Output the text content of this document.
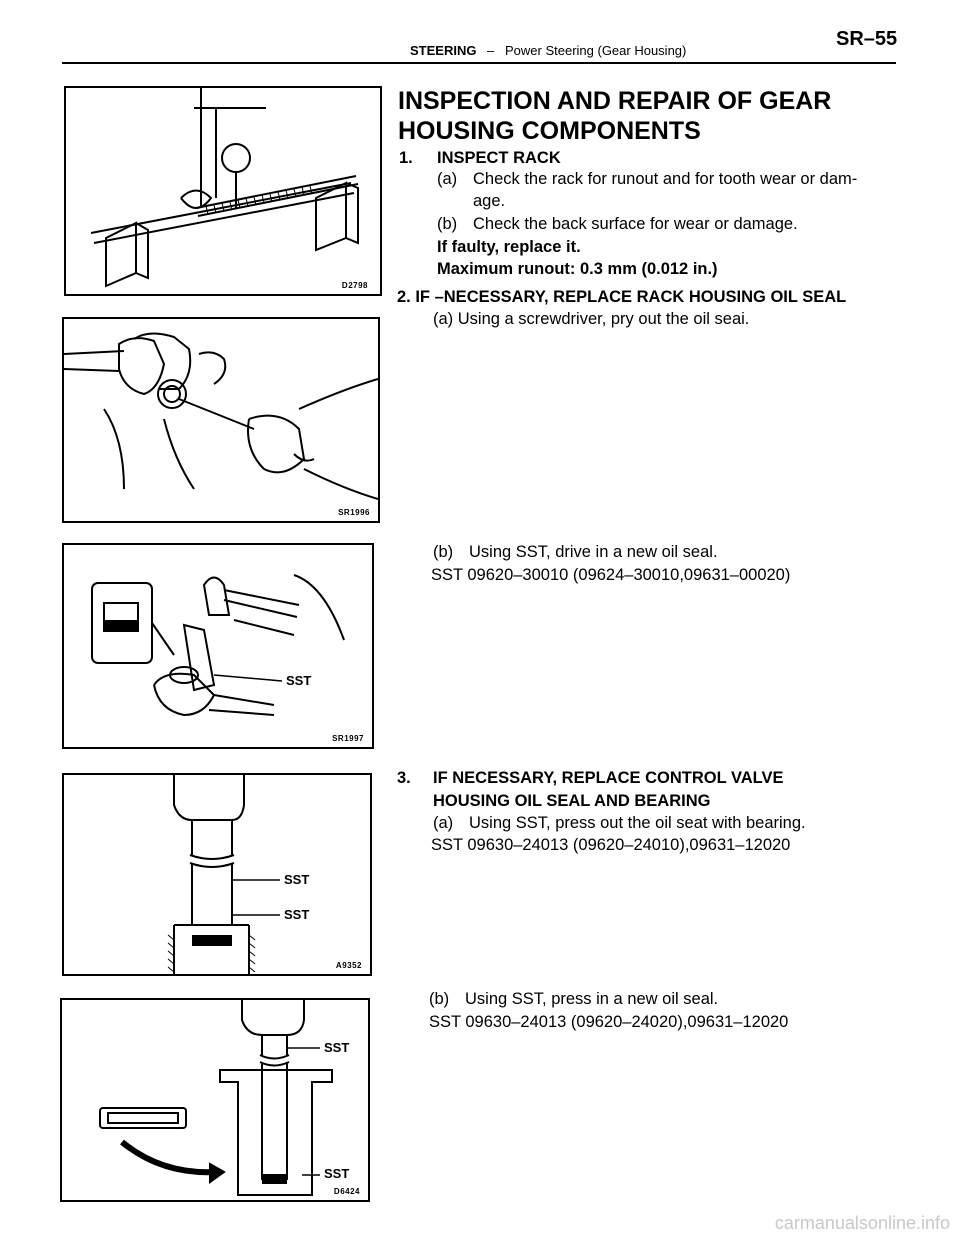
STEERING – Power Steering (Gear Housing)
SR–55
D2798
INSPECTION AND REPAIR OF GEAR
HOUSING COMPONENTS
1. INSPECT RACK
(a) Check the rack for runout and for tooth wear or dam-
age.
(b) Check the back surface for wear or damage.
If faulty, replace it.
Maximum runout: 0.3 mm (0.012 in.)
2. IF –NECESSARY, REPLACE RACK HOUSING OIL SEAL
(a) Using a screwdriver, pry out the oil seai.
SR1996
(b) Using SST, drive in a new oil seal.
SST 09620–30010 (09624–30010,09631–00020)
SST
SR1997
3. IF NECESSARY, REPLACE CONTROL VALVE
HOUSING OIL SEAL AND BEARING
(a) Using SST, press out the oil seat with bearing.
SST 09630–24013 (09620–24010),09631–12020
SST
SST
A9352
(b) Using SST, press in a new oil seal.
SST 09630–24013 (09620–24020),09631–12020
SST
SST
D6424
carmanualsonline.info
